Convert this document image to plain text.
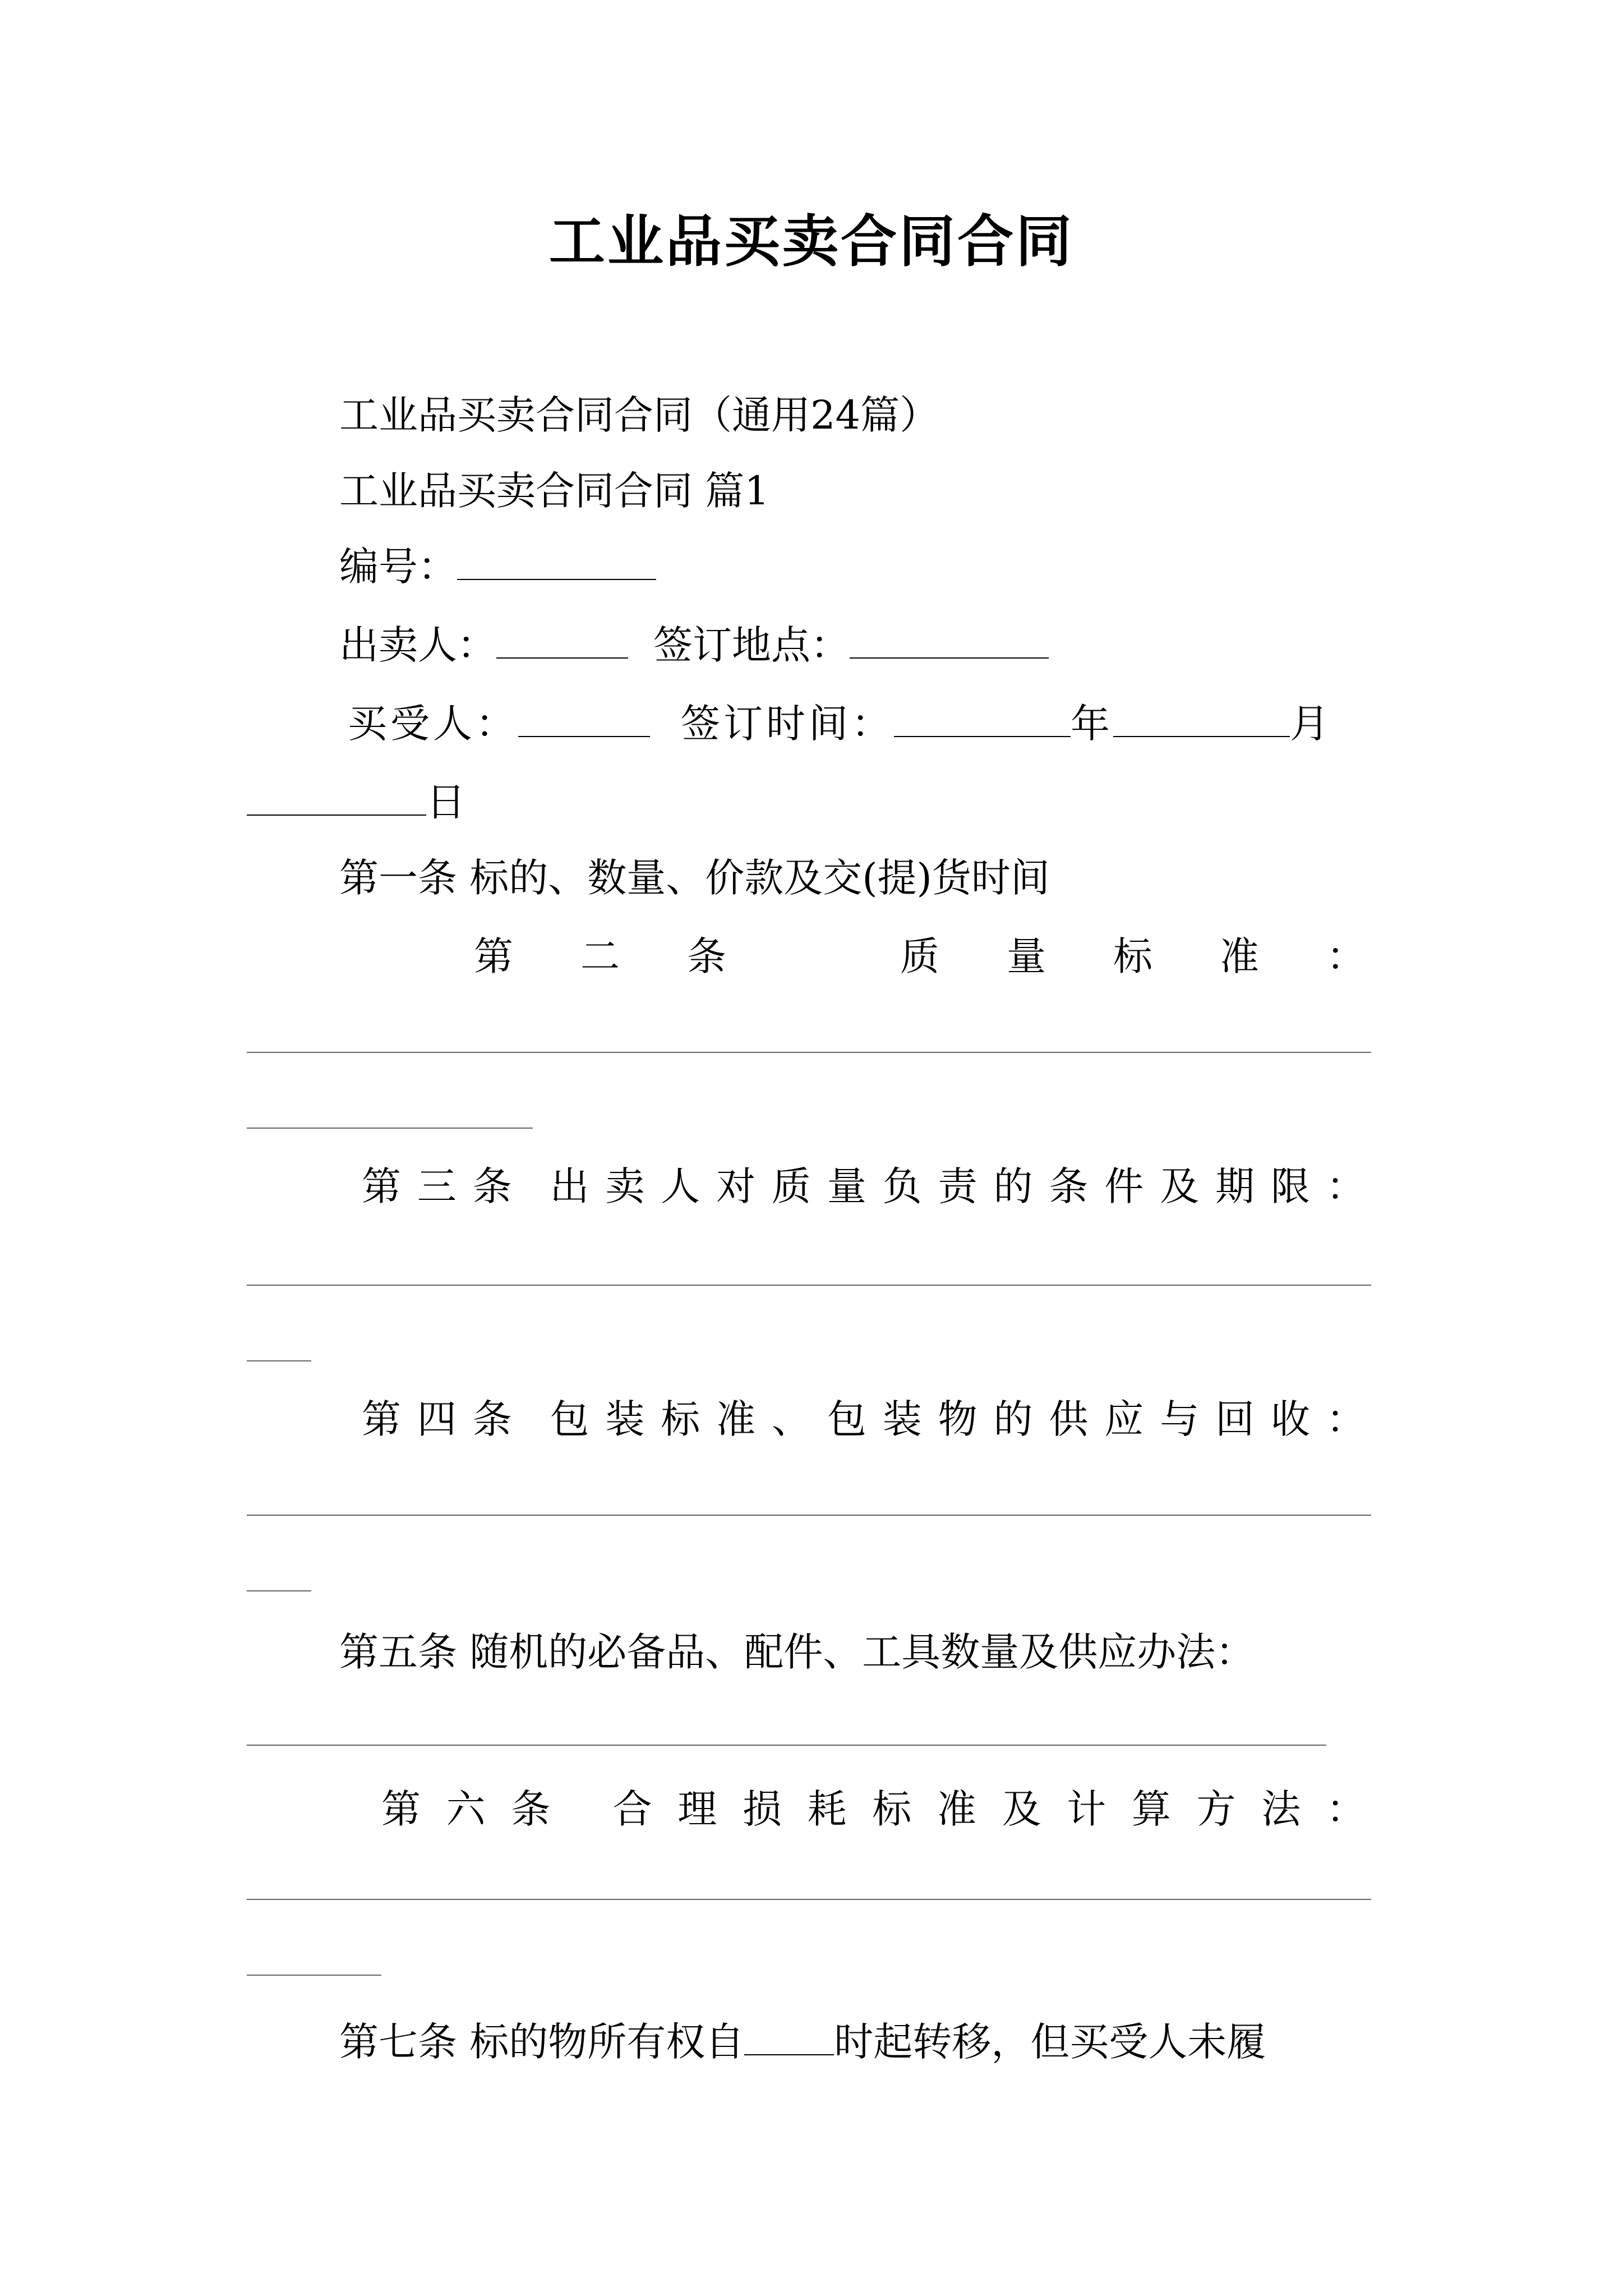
工业品买卖合同合同
工业品买卖合同合同（通用24篇）
工业品买卖合同合同 篇1
编号：
出卖人：	签订地点：
买受人：	签订时间：	年	月
日
第一条 标的、数量、价款及交(提)货时间
第 二 条	质 量 标 准 ：
第 三 条 出 卖 人 对 质 量 负 责 的 条 件 及 期 限 ：
第 四 条 包 装 标 准 、 包 装 物 的 供 应 与 回 收 ：
第五条 随机的必备品、配件、工具数量及供应办法：
第 六 条 合 理 损 耗 标 准 及 计 算 方 法 ：
第七条 标的物所有权自 时起转移，但买受人未履
